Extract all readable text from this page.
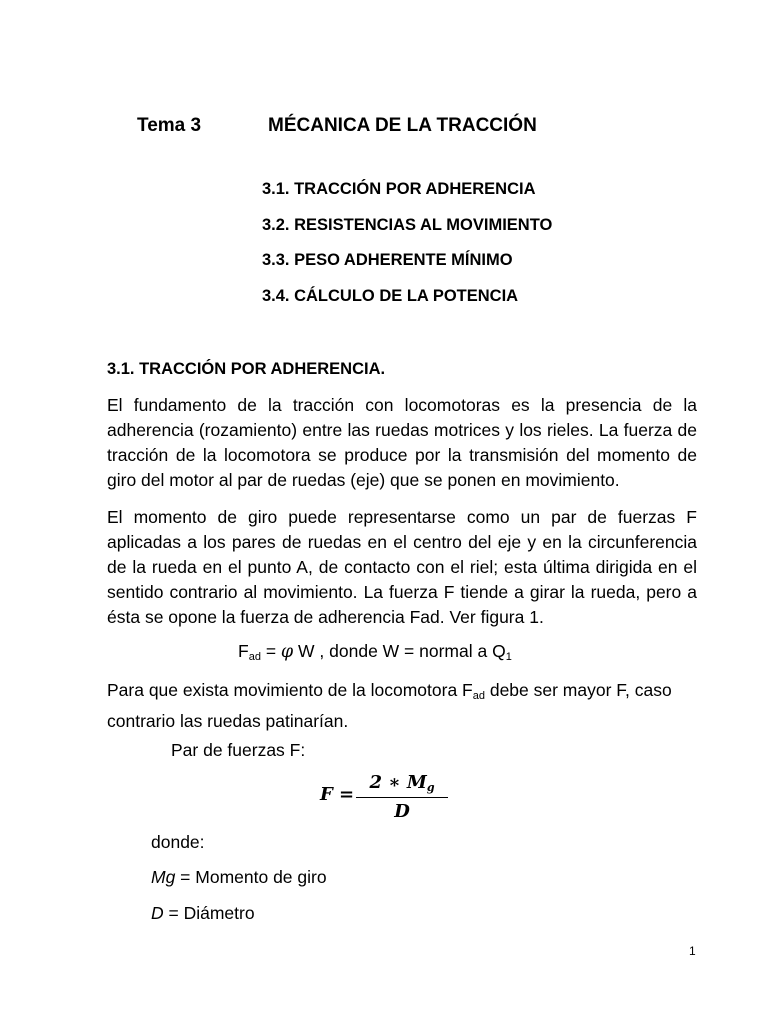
Tema 3	MÉCANICA DE LA TRACCIÓN
3.1. TRACCIÓN POR ADHERENCIA
3.2. RESISTENCIAS AL MOVIMIENTO
3.3. PESO ADHERENTE MÍNIMO
3.4. CÁLCULO DE LA POTENCIA
3.1. TRACCIÓN POR ADHERENCIA.
El fundamento de la tracción con locomotoras es la presencia de la adherencia (rozamiento) entre las ruedas motrices y los rieles. La fuerza de tracción de la locomotora se produce por la transmisión del momento de giro del motor al par de ruedas (eje) que se ponen en movimiento.
El momento de giro puede representarse como un par de fuerzas F aplicadas a los pares de ruedas en el centro del eje y en la circunferencia de la rueda en el punto A, de contacto con el riel; esta última dirigida en el sentido contrario al movimiento. La fuerza F tiende a girar la rueda, pero a ésta se opone la fuerza de adherencia Fad. Ver figura 1.
$F_{ad} = \varphi$ W , donde W = normal a $Q_1$
Para que exista movimiento de la locomotora $F_{ad}$ debe ser mayor F, caso contrario las ruedas patinarían.
Par de fuerzas F:
F =
2 ∗ $M_g$
D
donde:
Mg = Momento de giro
D = Diámetro
1
